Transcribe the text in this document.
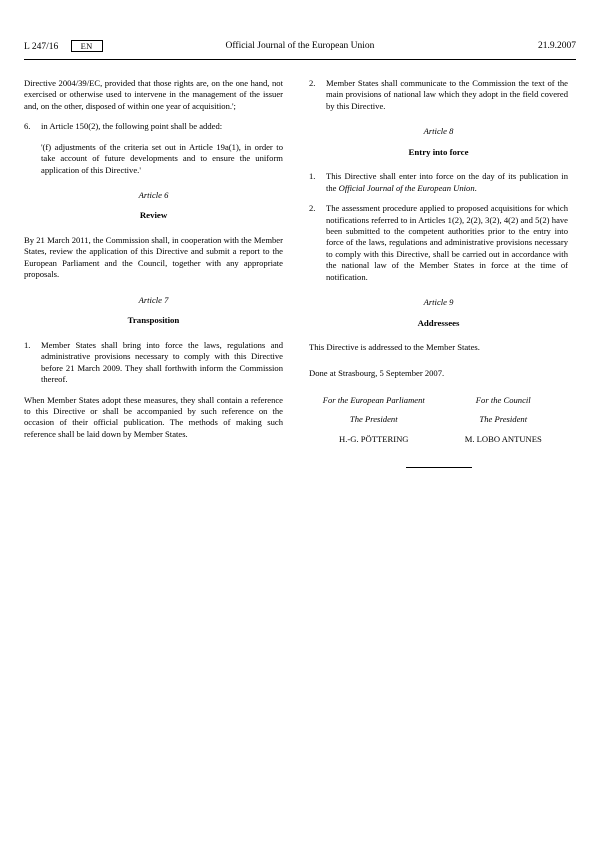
L 247/16	EN	Official Journal of the European Union	21.9.2007

Directive 2004/39/EC, provided that those rights are, on the one hand, not exercised or otherwise used to intervene in the management of the issuer and, on the other, disposed of within one year of acquisition.';

6.	in Article 150(2), the following point shall be added:

'(f) adjustments of the criteria set out in Article 19a(1), in order to take account of future developments and to ensure the uniform application of this Directive.'

Article 6
Review

By 21 March 2011, the Commission shall, in cooperation with the Member States, review the application of this Directive and submit a report to the European Parliament and the Council, together with any appropriate proposals.

Article 7
Transposition
1.	Member States shall bring into force the laws, regulations and administrative provisions necessary to comply with this Directive before 21 March 2009. They shall forthwith inform the Commission thereof.

When Member States adopt these measures, they shall contain a reference to this Directive or shall be accompanied by such reference on the occasion of their official publication. The methods of making such reference shall be laid down by Member States.

2.	Member States shall communicate to the Commission the text of the main provisions of national law which they adopt in the field covered by this Directive.
Article 8
Entry into force
1.	This Directive shall enter into force on the day of its publication in the Official Journal of the European Union.
2.	The assessment procedure applied to proposed acquisitions for which notifications referred to in Articles 1(2), 2(2), 3(2), 4(2) and 5(2) have been submitted to the competent authorities prior to the entry into force of the laws, regulations and administrative provisions necessary to comply with this Directive, shall be carried out in accordance with the national law of the Member States in force at the time of notification.
Article 9
Addressees

This Directive is addressed to the Member States.

Done at Strasbourg, 5 September 2007.

For the European Parliament

The President

H.-G. PÖTTERING

For the Council

The President

M. LOBO ANTUNES
